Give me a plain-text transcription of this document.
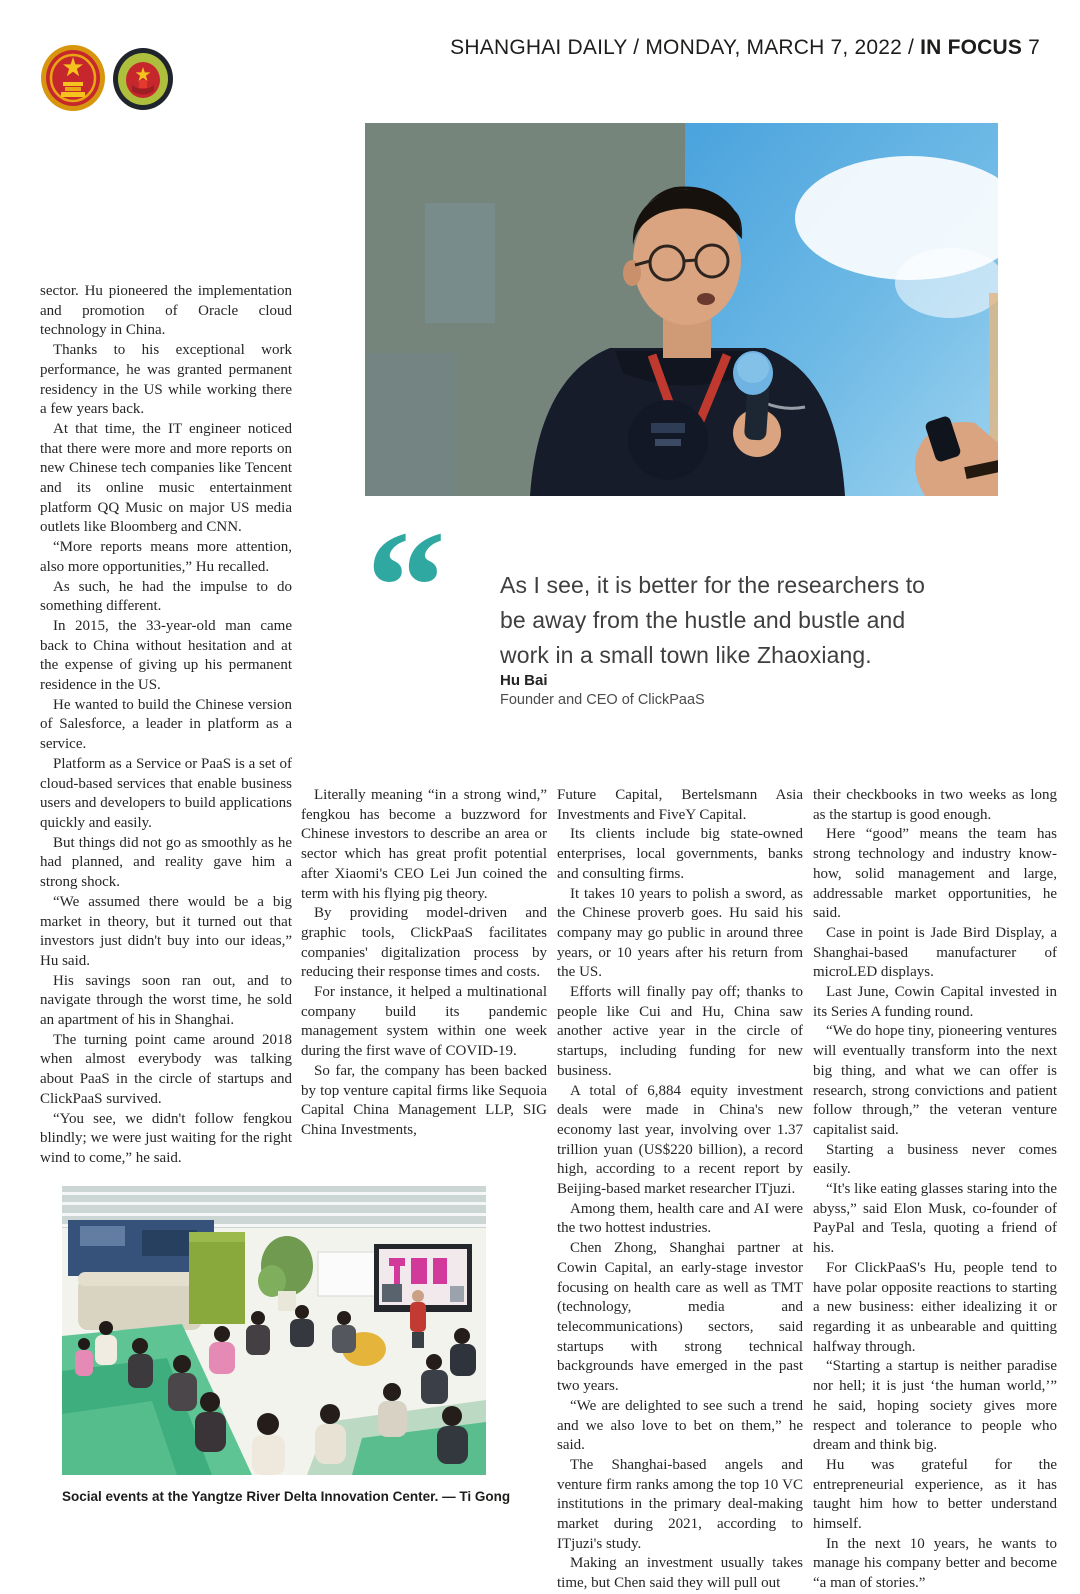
SHANGHAI DAILY / MONDAY, MARCH 7, 2022 / IN FOCUS 7
“ As I see, it is better for the researchers to be away from the hustle and bustle and work in a small town like Zhaoxiang.
Hu Bai
Founder and CEO of ClickPaaS

sector. Hu pioneered the implementation and promotion of Oracle cloud technology in China.

Thanks to his exceptional work performance, he was granted permanent residency in the US while working there a few years back.

At that time, the IT engineer noticed that there were more and more reports on new Chinese tech companies like Tencent and its online music entertainment platform QQ Music on major US media outlets like Bloomberg and CNN.

“More reports means more attention, also more opportunities,” Hu recalled.

As such, he had the impulse to do something different.

In 2015, the 33-year-old man came back to China without hesitation and at the expense of giving up his permanent residence in the US.

He wanted to build the Chinese version of Salesforce, a leader in platform as a service.

Platform as a Service or PaaS is a set of cloud-based services that enable business users and developers to build applications quickly and easily.

But things did not go as smoothly as he had planned, and reality gave him a strong shock.

“We assumed there would be a big market in theory, but it turned out that investors just didn't buy into our ideas,” Hu said.

His savings soon ran out, and to navigate through the worst time, he sold an apartment of his in Shanghai.

The turning point came around 2018 when almost everybody was talking about PaaS in the circle of startups and ClickPaaS survived.

“You see, we didn't follow fengkou blindly; we were just waiting for the right wind to come,” he said.

Literally meaning “in a strong wind,” fengkou has become a buzzword for Chinese investors to describe an area or sector which has great profit potential after Xiaomi's CEO Lei Jun coined the term with his flying pig theory.

By providing model-driven and graphic tools, ClickPaaS facilitates companies' digitalization process by reducing their response times and costs.

For instance, it helped a multinational company build its pandemic management system within one week during the first wave of COVID-19.

So far, the company has been backed by top venture capital firms like Sequoia Capital China Management LLP, SIG China Investments,

Future Capital, Bertelsmann Asia Investments and FiveY Capital.

Its clients include big state-owned enterprises, local governments, banks and consulting firms.

It takes 10 years to polish a sword, as the Chinese proverb goes. Hu said his company may go public in around three years, or 10 years after his return from the US.

Efforts will finally pay off; thanks to people like Cui and Hu, China saw another active year in the circle of startups, including funding for new business.

A total of 6,884 equity investment deals were made in China's new economy last year, involving over 1.37 trillion yuan (US$220 billion), a record high, according to a recent report by Beijing-based market researcher ITjuzi.

Among them, health care and AI were the two hottest industries.

Chen Zhong, Shanghai partner at Cowin Capital, an early-stage investor focusing on health care as well as TMT (technology, media and telecommunications) sectors, said startups with strong technical backgrounds have emerged in the past two years.

“We are delighted to see such a trend and we also love to bet on them,” he said.

The Shanghai-based angels and venture firm ranks among the top 10 VC institutions in the primary deal-making market during 2021, according to ITjuzi's study.

Making an investment usually takes time, but Chen said they will pull out

their checkbooks in two weeks as long as the startup is good enough.

Here “good” means the team has strong technology and industry know-how, solid management and large, addressable market opportunities, he said.

Case in point is Jade Bird Display, a Shanghai-based manufacturer of microLED displays.

Last June, Cowin Capital invested in its Series A funding round.

“We do hope tiny, pioneering ventures will eventually transform into the next big thing, and what we can offer is research, strong convictions and patient follow through,” the veteran venture capitalist said.

Starting a business never comes easily.

“It's like eating glasses staring into the abyss,” said Elon Musk, co-founder of PayPal and Tesla, quoting a friend of his.

For ClickPaaS's Hu, people tend to have polar opposite reactions to starting a new business: either idealizing it or regarding it as unbearable and quitting halfway through.

“Starting a startup is neither paradise nor hell; it is just ‘the human world,’” he said, hoping society gives more respect and tolerance to people who dream and think big.

Hu was grateful for the entrepreneurial experience, as it has taught him how to better understand himself.

In the next 10 years, he wants to manage his company better and become “a man of stories.”

Social events at the Yangtze River Delta Innovation Center. — Ti Gong
